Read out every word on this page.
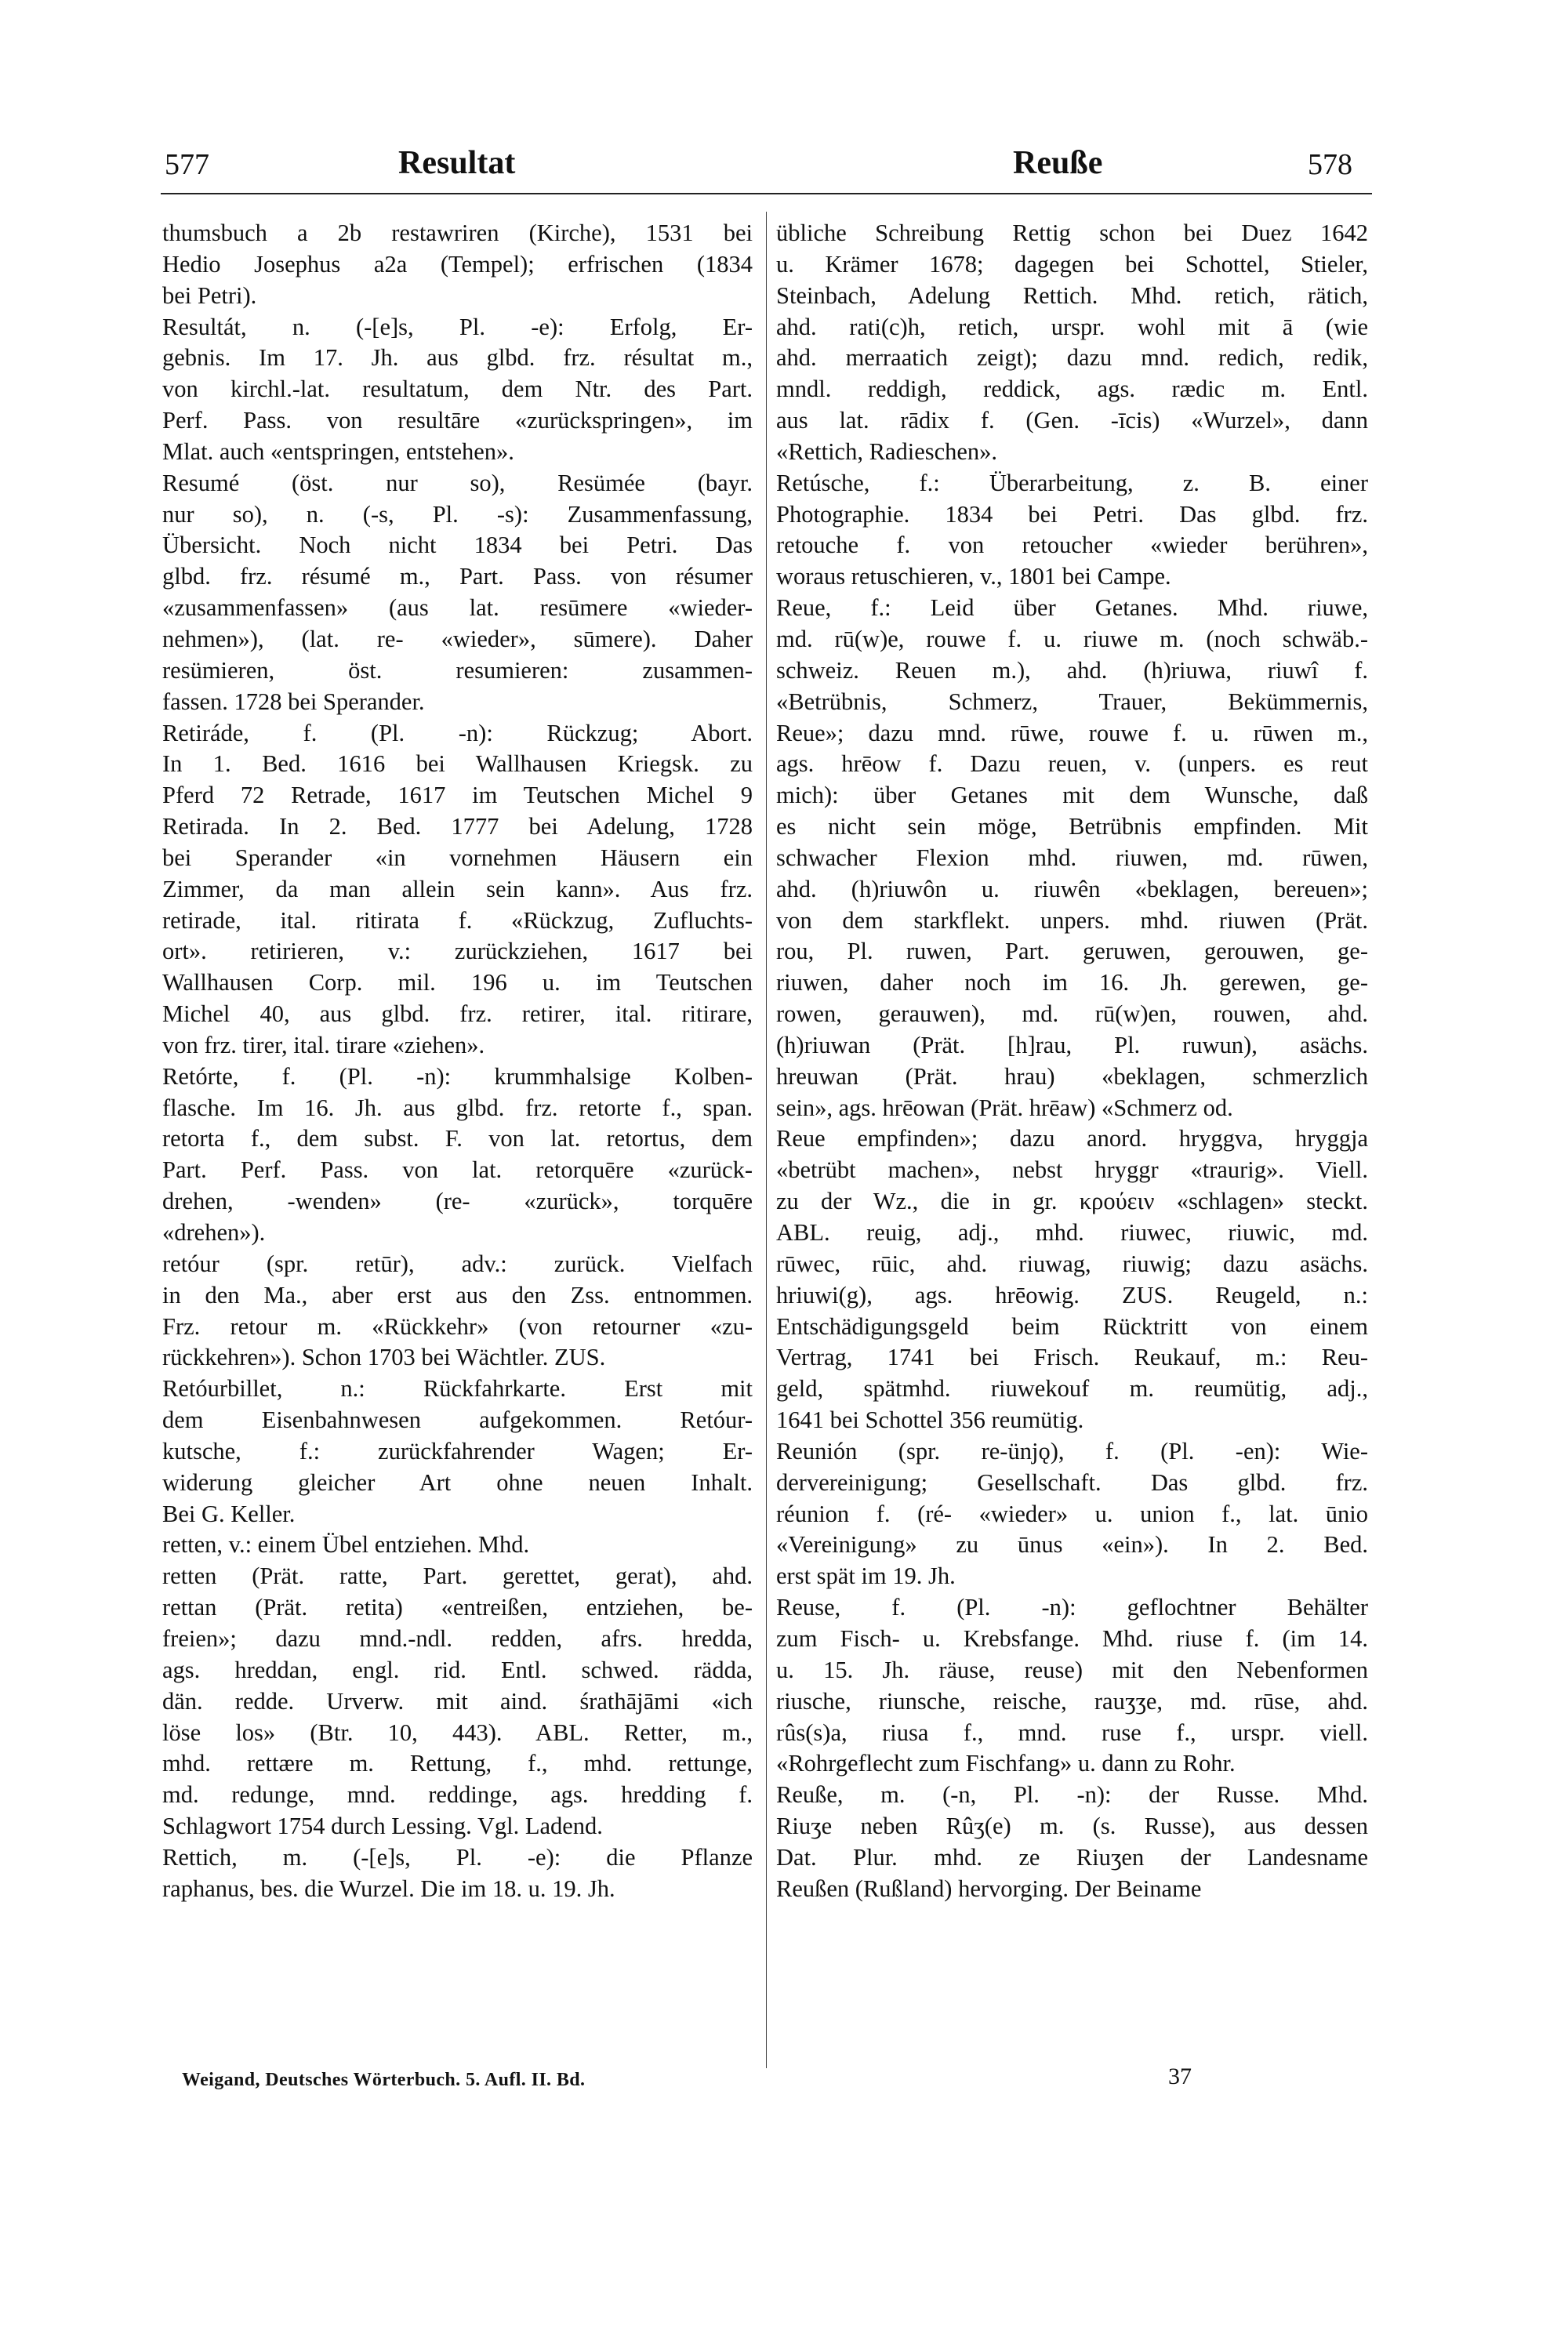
577	Resultat	Reuße	578
thumsbuch a 2b restawriren (Kirche), 1531 bei
Hedio Josephus a2a (Tempel); erfrischen (1834
bei Petri).
Resultát, n. (-[e]s, Pl. -e): Erfolg, Er-
gebnis. Im 17. Jh. aus glbd. frz. résultat m.,
von kirchl.-lat. resultatum, dem Ntr. des Part.
Perf. Pass. von resultāre «zurückspringen», im
Mlat. auch «entspringen, entstehen».
Resumé (öst. nur so), Resümée (bayr.
nur so), n. (-s, Pl. -s): Zusammenfassung,
Übersicht. Noch nicht 1834 bei Petri. Das
glbd. frz. résumé m., Part. Pass. von résumer
«zusammenfassen» (aus lat. resūmere «wieder-
nehmen»), (lat. re- «wieder», sūmere). Daher
resümieren, öst. resumieren: zusammen-
fassen. 1728 bei Sperander.
Retiráde, f. (Pl. -n): Rückzug; Abort.
In 1. Bed. 1616 bei Wallhausen Kriegsk. zu
Pferd 72 Retrade, 1617 im Teutschen Michel 9
Retirada. In 2. Bed. 1777 bei Adelung, 1728
bei Sperander «in vornehmen Häusern ein
Zimmer, da man allein sein kann». Aus frz.
retirade, ital. ritirata f. «Rückzug, Zufluchts-
ort». retirieren, v.: zurückziehen, 1617 bei
Wallhausen Corp. mil. 196 u. im Teutschen
Michel 40, aus glbd. frz. retirer, ital. ritirare,
von frz. tirer, ital. tirare «ziehen».
Retórte, f. (Pl. -n): krummhalsige Kolben-
flasche. Im 16. Jh. aus glbd. frz. retorte f., span.
retorta f., dem subst. F. von lat. retortus, dem
Part. Perf. Pass. von lat. retorquēre «zurück-
drehen, -wenden» (re- «zurück», torquēre
«drehen»).
retóur (spr. retūr), adv.: zurück. Vielfach
in den Ma., aber erst aus den Zss. entnommen.
Frz. retour m. «Rückkehr» (von retourner «zu-
rückkehren»). Schon 1703 bei Wächtler. ZUS.
Retóurbillet, n.: Rückfahrkarte. Erst mit
dem Eisenbahnwesen aufgekommen. Retóur-
kutsche, f.: zurückfahrender Wagen; Er-
widerung gleicher Art ohne neuen Inhalt.
Bei G. Keller.
retten, v.: einem Übel entziehen. Mhd.
retten (Prät. ratte, Part. gerettet, gerat), ahd.
rettan (Prät. retita) «entreißen, entziehen, be-
freien»; dazu mnd.-ndl. redden, afrs. hredda,
ags. hreddan, engl. rid. Entl. schwed. rädda,
dän. redde. Urverw. mit aind. śrathājāmi «ich
löse los» (Btr. 10, 443). ABL. Retter, m.,
mhd. rettære m. Rettung, f., mhd. rettunge,
md. redunge, mnd. reddinge, ags. hredding f.
Schlagwort 1754 durch Lessing. Vgl. Ladend.
Rettich, m. (-[e]s, Pl. -e): die Pflanze
raphanus, bes. die Wurzel. Die im 18. u. 19. Jh.
übliche Schreibung Rettig schon bei Duez 1642
u. Krämer 1678; dagegen bei Schottel, Stieler,
Steinbach, Adelung Rettich. Mhd. retich, rätich,
ahd. rati(c)h, retich, urspr. wohl mit ā (wie
ahd. merraatich zeigt); dazu mnd. redich, redik,
mndl. reddigh, reddick, ags. rædic m. Entl.
aus lat. rādix f. (Gen. -īcis) «Wurzel», dann
«Rettich, Radieschen».
Retúsche, f.: Überarbeitung, z. B. einer
Photographie. 1834 bei Petri. Das glbd. frz.
retouche f. von retoucher «wieder berühren»,
woraus retuschieren, v., 1801 bei Campe.
Reue, f.: Leid über Getanes. Mhd. riuwe,
md. rū(w)e, rouwe f. u. riuwe m. (noch schwäb.-
schweiz. Reuen m.), ahd. (h)riuwa, riuwî f.
«Betrübnis, Schmerz, Trauer, Bekümmernis,
Reue»; dazu mnd. rūwe, rouwe f. u. rūwen m.,
ags. hrēow f. Dazu reuen, v. (unpers. es reut
mich): über Getanes mit dem Wunsche, daß
es nicht sein möge, Betrübnis empfinden. Mit
schwacher Flexion mhd. riuwen, md. rūwen,
ahd. (h)riuwôn u. riuwên «beklagen, bereuen»;
von dem starkflekt. unpers. mhd. riuwen (Prät.
rou, Pl. ruwen, Part. geruwen, gerouwen, ge-
riuwen, daher noch im 16. Jh. gerewen, ge-
rowen, gerauwen), md. rū(w)en, rouwen, ahd.
(h)riuwan (Prät. [h]rau, Pl. ruwun), asächs.
hreuwan (Prät. hrau) «beklagen, schmerzlich
sein», ags. hrēowan (Prät. hrēaw) «Schmerz od.
Reue empfinden»; dazu anord. hryggva, hryggja
«betrübt machen», nebst hryggr «traurig». Viell.
zu der Wz., die in gr. κρούειν «schlagen» steckt.
ABL. reuig, adj., mhd. riuwec, riuwic, md.
rūwec, rūic, ahd. riuwag, riuwig; dazu asächs.
hriuwi(g), ags. hrēowig. ZUS. Reugeld, n.:
Entschädigungsgeld beim Rücktritt von einem
Vertrag, 1741 bei Frisch. Reukauf, m.: Reu-
geld, spätmhd. riuwekouf m. reumütig, adj.,
1641 bei Schottel 356 reumütig.
Reunión (spr. re-ünjǫ), f. (Pl. -en): Wie-
dervereinigung; Gesellschaft. Das glbd. frz.
réunion f. (ré- «wieder» u. union f., lat. ūnio
«Vereinigung» zu ūnus «ein»). In 2. Bed.
erst spät im 19. Jh.
Reuse, f. (Pl. -n): geflochtner Behälter
zum Fisch- u. Krebsfange. Mhd. riuse f. (im 14.
u. 15. Jh. räuse, reuse) mit den Nebenformen
riusche, riunsche, reische, rauʒʒe, md. rūse, ahd.
rûs(s)a, riusa f., mnd. ruse f., urspr. viell.
«Rohrgeflecht zum Fischfang» u. dann zu Rohr.
Reuße, m. (-n, Pl. -n): der Russe. Mhd.
Riuʒe neben Rûʒ(e) m. (s. Russe), aus dessen
Dat. Plur. mhd. ze Riuʒen der Landesname
Reußen (Rußland) hervorging. Der Beiname
Weigand, Deutsches Wörterbuch. 5. Aufl. II. Bd.	37
